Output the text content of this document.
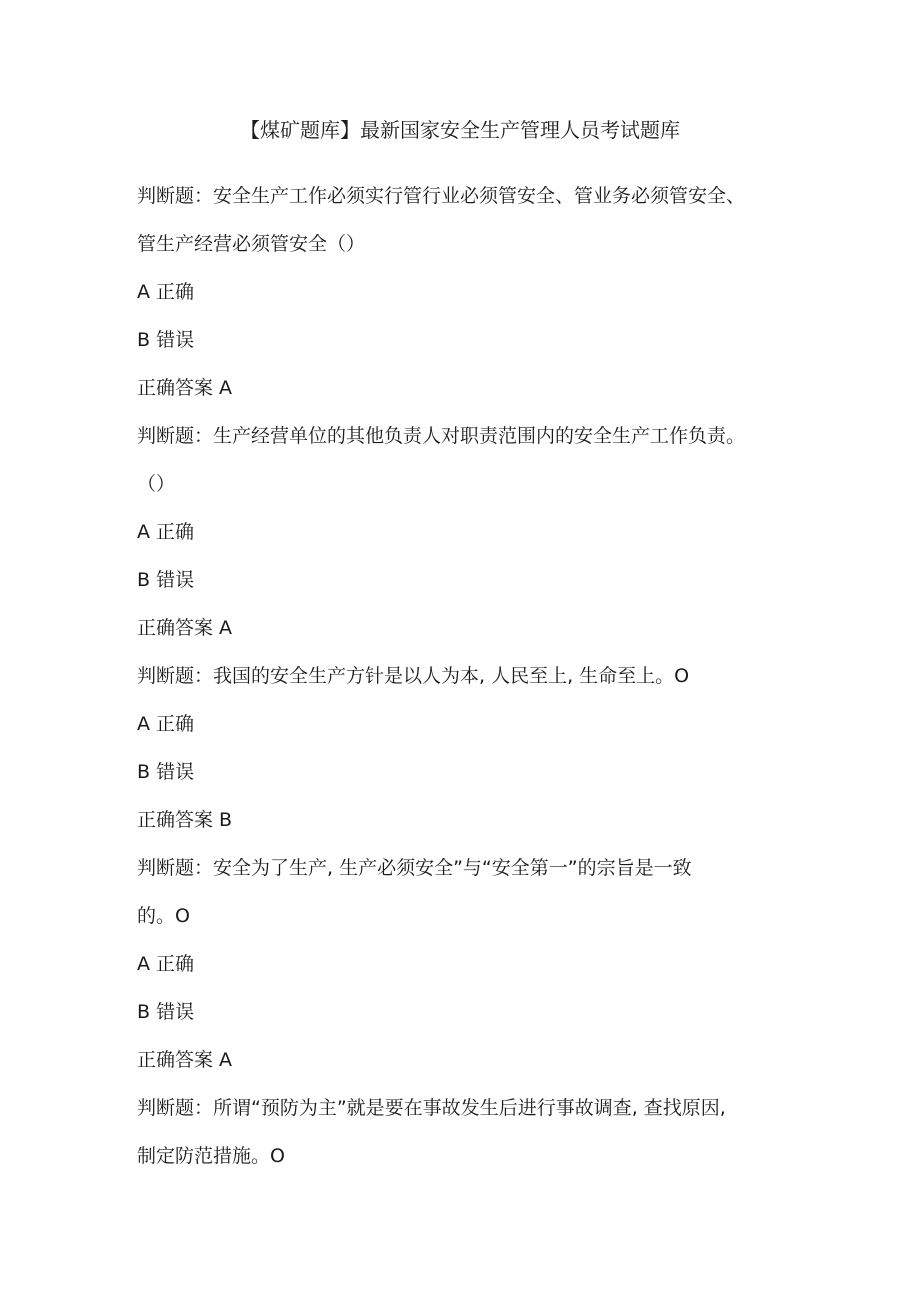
【煤矿题库】最新国家安全生产管理人员考试题库
判断题：安全生产工作必须实行管行业必须管安全、管业务必须管安全、
管生产经营必须管安全（）
A 正确
B 错误
正确答案 A
判断题：生产经营单位的其他负责人对职责范围内的安全生产工作负责。
（）
A 正确
B 错误
正确答案 A
判断题：我国的安全生产方针是以人为本, 人民至上, 生命至上。O
A 正确
B 错误
正确答案 B
判断题：安全为了生产, 生产必须安全”与“安全第一”的宗旨是一致
的。O
A 正确
B 错误
正确答案 A
判断题：所谓“预防为主”就是要在事故发生后进行事故调查, 查找原因,
制定防范措施。O
